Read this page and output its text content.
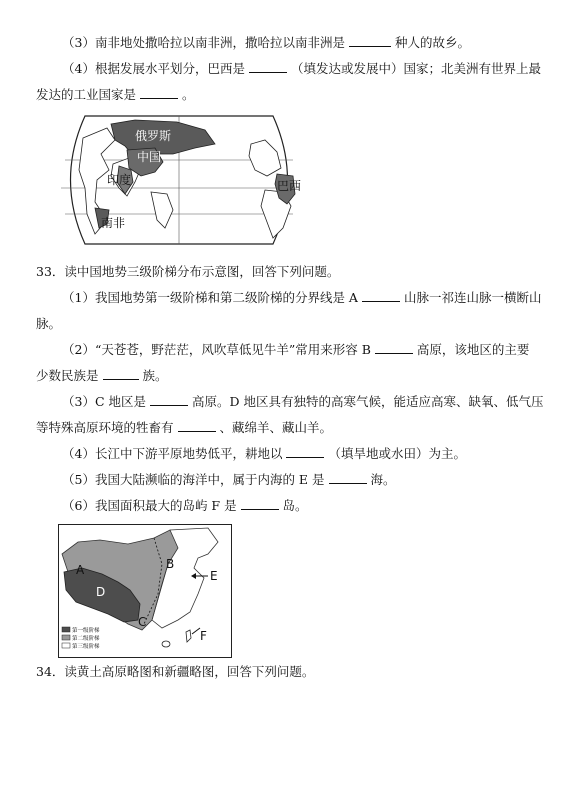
（3）南非地处撒哈拉以南非洲，撒哈拉以南非洲是	种人的故乡。
（4）根据发展水平划分，巴西是	（填发达或发展中）国家；北美洲有世界上最
发达的工业国家是	。
俄罗斯
中国
印度
南非
巴西
33．读中国地势三级阶梯分布示意图，回答下列问题。
（1）我国地势第一级阶梯和第二级阶梯的分界线是 A	山脉一祁连山脉一横断山
脉。
（2）“天苍苍，野茫茫，风吹草低见牛羊”常用来形容 B	高原，该地区的主要
少数民族是	族。
（3）C 地区是	高原。D 地区具有独特的高寒气候，能适应高寒、缺氧、低气压
等特殊高原环境的牲畜有	、藏绵羊、藏山羊。
（4）长江中下游平原地势低平，耕地以	（填旱地或水田）为主。
（5）我国大陆濒临的海洋中，属于内海的 E 是	海。
（6）我国面积最大的岛屿 F 是	岛。
A	B
D
C
E
F
第一级阶梯
第二级阶梯
第三级阶梯
34．读黄土高原略图和新疆略图，回答下列问题。
